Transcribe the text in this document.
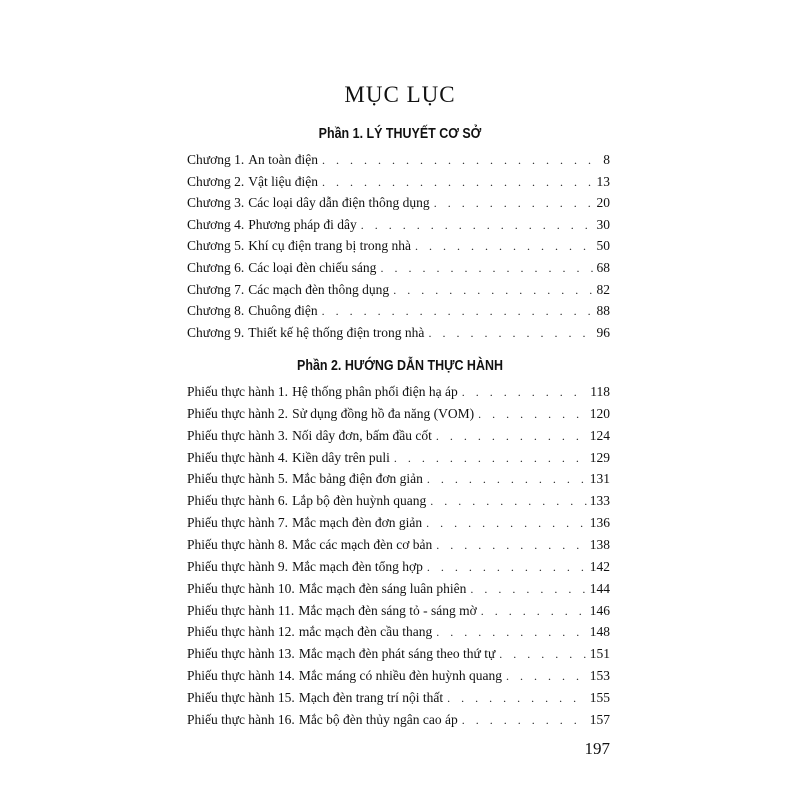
MỤC LỤC
Phần 1. LÝ THUYẾT CƠ SỞ
Phần 2. HƯỚNG DẪN THỰC HÀNH
Chương 1. An toàn điện . . .	8
Chương 2. Vật liệu điện . . .	13
Chương 3. Các loại dây dẫn điện thông dụng . . .	20
Chương 4. Phương pháp đi dây . . .	30
Chương 5. Khí cụ điện trang bị trong nhà . . .	50
Chương 6. Các loại đèn chiếu sáng . . .	68
Chương 7. Các mạch đèn thông dụng . . .	82
Chương 8. Chuông điện . . .	88
Chương 9. Thiết kế hệ thống điện trong nhà . . .	96
Phiếu thực hành 1. Hệ thống phân phối điện hạ áp . . .	118
Phiếu thực hành 2. Sử dụng đồng hồ đa năng (VOM) . . .	120
Phiếu thực hành 3. Nối dây đơn, bấm đầu cốt . . .	124
Phiếu thực hành 4. Kiền dây trên puli . . .	129
Phiếu thực hành 5. Mắc bảng điện đơn giản . . .	131
Phiếu thực hành 6. Lắp bộ đèn huỳnh quang . . .	133
Phiếu thực hành 7. Mắc mạch đèn đơn giản . . .	136
Phiếu thực hành 8. Mắc các mạch đèn cơ bản . . .	138
Phiếu thực hành 9. Mắc mạch đèn tổng hợp . . .	142
Phiếu thực hành 10. Mắc mạch đèn sáng luân phiên . . .	144
Phiếu thực hành 11. Mắc mạch đèn sáng tỏ - sáng mờ . . .	146
Phiếu thực hành 12. mắc mạch đèn cầu thang . . .	148
Phiếu thực hành 13. Mắc mạch đèn phát sáng theo thứ tự . . .	151
Phiếu thực hành 14. Mắc máng có nhiều đèn huỳnh quang . . .	153
Phiếu thực hành 15. Mạch đèn trang trí nội thất . . .	155
Phiếu thực hành 16. Mắc bộ đèn thủy ngân cao áp . . .	157
197
